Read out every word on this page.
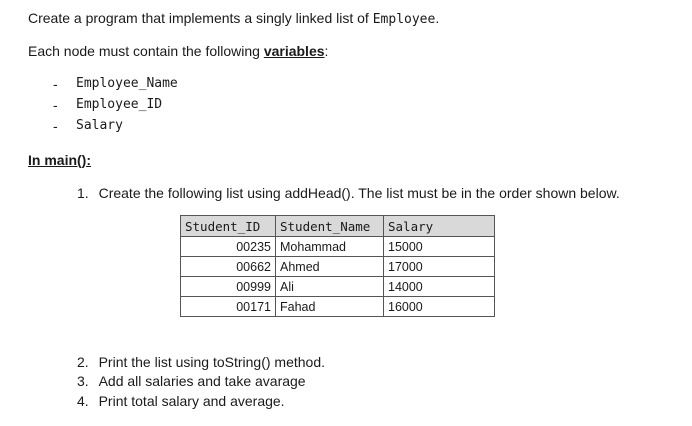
Create a program that implements a singly linked list of Employee.
Each node must contain the following variables:
- Employee_Name
- Employee_ID
- Salary
In main():
1. Create the following list using addHead(). The list must be in the order shown below.
Student_ID	Student_Name	Salary
00235	Mohammad	15000
00662	Ahmed	17000
00999	Ali	14000
00171	Fahad	16000
2. Print the list using toString() method.
3. Add all salaries and take avarage
4. Print total salary and average.
